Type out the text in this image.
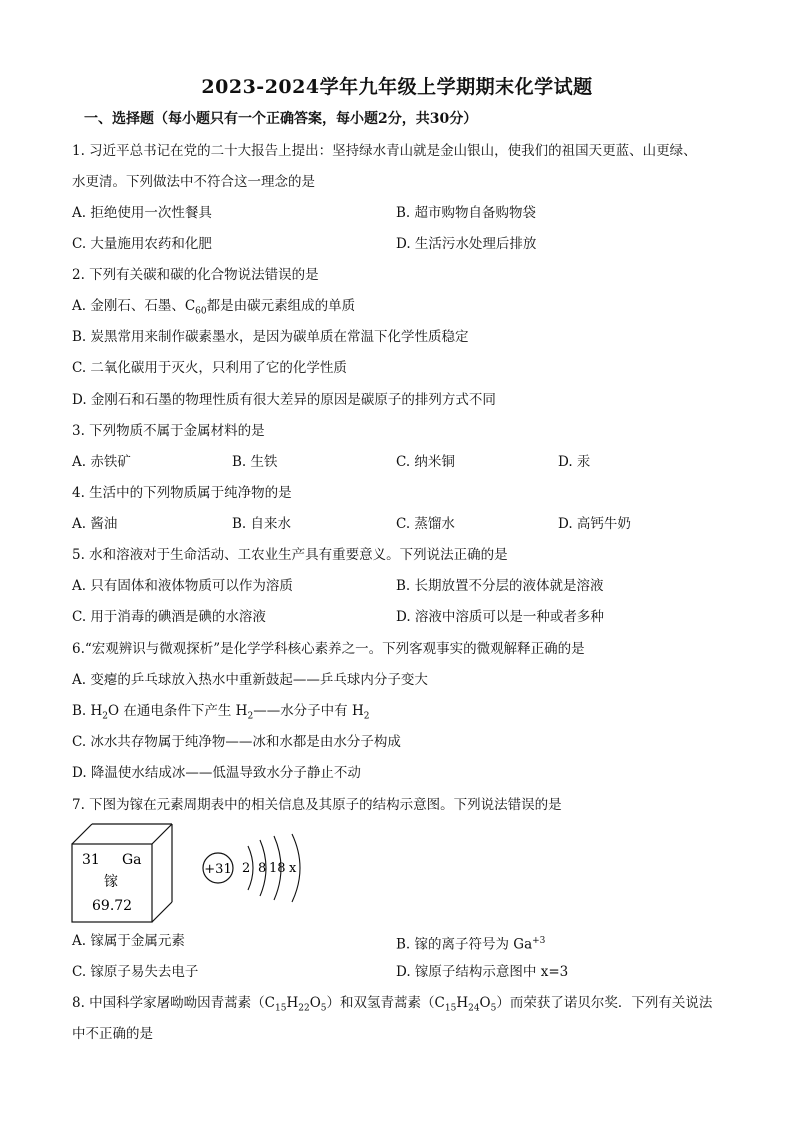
2023-2024学年九年级上学期期末化学试题
一、选择题（每小题只有一个正确答案，每小题2分，共30分）
1. 习近平总书记在党的二十大报告上提出：坚持绿水青山就是金山银山，使我们的祖国天更蓝、山更绿、
水更清。下列做法中不符合这一理念的是
A. 拒绝使用一次性餐具	B. 超市购物自备购物袋
C. 大量施用农药和化肥	D. 生活污水处理后排放
2. 下列有关碳和碳的化合物说法错误的是
A. 金刚石、石墨、$C_{60}$都是由碳元素组成的单质
B. 炭黑常用来制作碳素墨水，是因为碳单质在常温下化学性质稳定
C. 二氧化碳用于灭火，只利用了它的化学性质
D. 金刚石和石墨的物理性质有很大差异的原因是碳原子的排列方式不同
3. 下列物质不属于金属材料的是
A. 赤铁矿	B. 生铁	C. 纳米铜	D. 汞
4. 生活中的下列物质属于纯净物的是
A. 酱油	B. 自来水	C. 蒸馏水	D. 高钙牛奶
5. 水和溶液对于生命活动、工农业生产具有重要意义。下列说法正确的是
A. 只有固体和液体物质可以作为溶质	B. 长期放置不分层的液体就是溶液
C. 用于消毒的碘酒是碘的水溶液	D. 溶液中溶质可以是一种或者多种
6.“宏观辨识与微观探析”是化学学科核心素养之一。下列客观事实的微观解释正确的是
A. 变瘪的乒乓球放入热水中重新鼓起——乒乓球内分子变大
B. $H_2O$ 在通电条件下产生 $H_2——$水分子中有 $H_2$
C. 冰水共存物属于纯净物——冰和水都是由水分子构成
D. 降温使水结成冰——低温导致水分子静止不动
7. 下图为镓在元素周期表中的相关信息及其原子的结构示意图。下列说法错误的是
31 Ga
镓
69.72
+31 2 8 18 x
A. 镓属于金属元素	B. 镓的离子符号为 $Ga^{+3}$
C. 镓原子易失去电子	D. 镓原子结构示意图中 x=3
8. 中国科学家屠呦呦因青蒿素$(C_{15}H_{22}O_5)$和双氢青蒿素$(C_{15}H_{24}O_5)$而荣获了诺贝尔奖．下列有关说法
中不正确的是
